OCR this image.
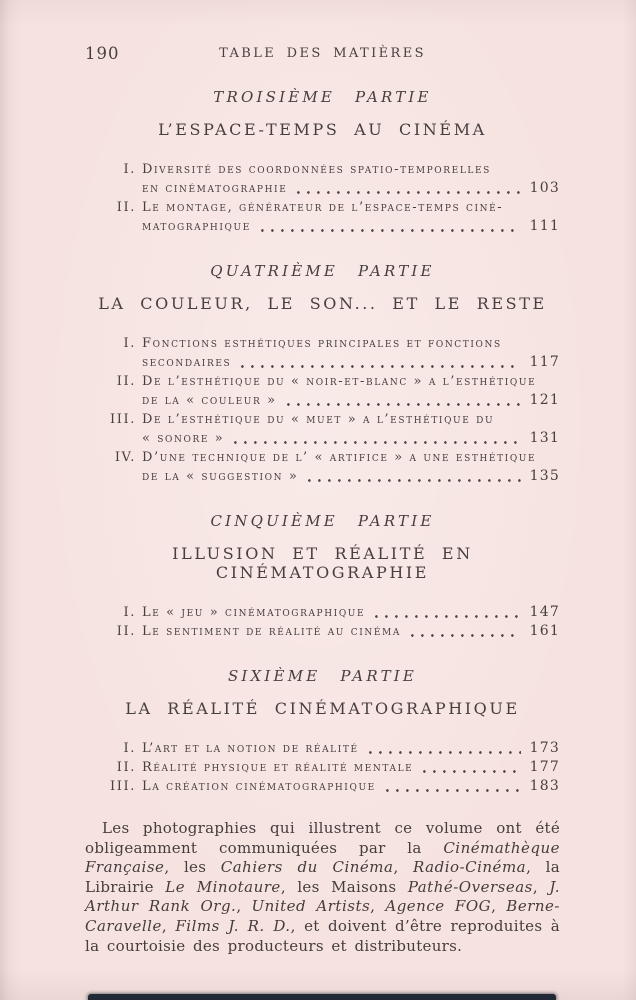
190	TABLE DES MATIÈRES
TROISIÈME PARTIE
L’ESPACE-TEMPS AU CINÉMA
I. Diversité des coordonnées spatio-temporelles
en cinématographie	103
II. Le montage, générateur de l’espace-temps ciné-
matographique	111
QUATRIÈME PARTIE
LA COULEUR, LE SON... ET LE RESTE
I. Fonctions esthétiques principales et fonctions
secondaires	117
II. De l’esthétique du « noir-et-blanc » a l’esthétique
de la « couleur »	121
III. De l’esthétique du « muet » a l’esthétique du
« sonore »	131
IV. D’une technique de l’ « artifice » a une esthétique
de la « suggestion »	135
CINQUIÈME PARTIE
ILLUSION ET RÉALITÉ EN CINÉMATOGRAPHIE
I. Le « jeu » cinématographique	147
II. Le sentiment de réalité au cinéma	161
SIXIÈME PARTIE
LA RÉALITÉ CINÉMATOGRAPHIQUE
I. L’art et la notion de réalité	173
II. Réalité physique et réalité mentale	177
III. La création cinématographique	183

Les photographies qui illustrent ce volume ont été obligeamment communiquées par la Cinémathèque Française, les Cahiers du Cinéma, Radio-Cinéma, la Librairie Le Minotaure, les Maisons Pathé-Overseas, J. Arthur Rank Org., United Artists, Agence FOG, Berne-Caravelle, Films J. R. D., et doivent d’être reproduites à la courtoisie des producteurs et distributeurs.
